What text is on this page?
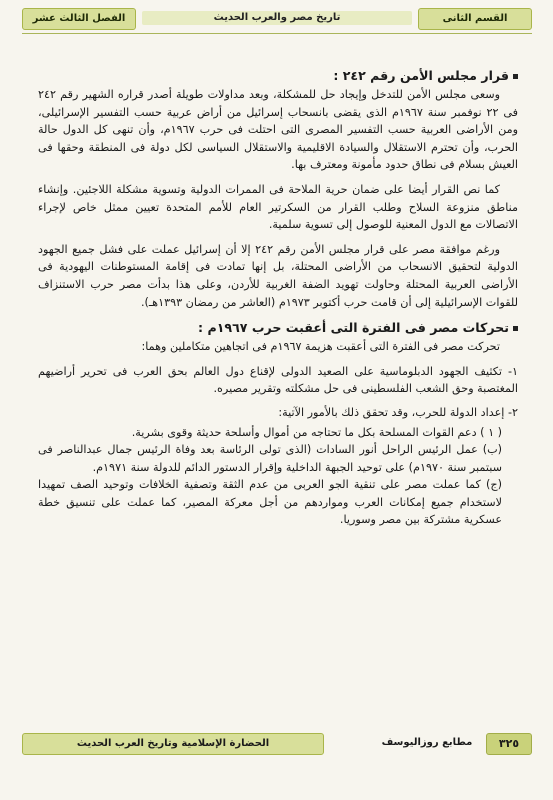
القسم الثانى
تاريخ مصر والعرب الحديث
الفصل الثالث عشر

قرار مجلس الأمن رقم ٢٤٢ :

وسعى مجلس الأمن للتدخل وإيجاد حل للمشكلة، وبعد مداولات طويلة أصدر قراره الشهير رقم ٢٤٢ فى ٢٢ نوفمبر سنة ١٩٦٧م الذى يقضى بانسحاب إسرائيل من أراض عربية حسب التفسير الإسرائيلى، ومن الأراضى العربية حسب التفسير المصرى التى احتلت فى حرب ١٩٦٧م، وأن تنهى كل الدول حالة الحرب، وأن تحترم الاستقلال والسيادة الاقليمية والاستقلال السياسى لكل دولة فى المنطقة وحقها فى العيش بسلام فى نطاق حدود مأمونة ومعترف بها.

كما نص القرار أيضا على ضمان حرية الملاحة فى الممرات الدولية وتسوية مشكلة اللاجئين. وإنشاء مناطق منزوعة السلاح وطلب القرار من السكرتير العام للأمم المتحدة تعيين ممثل خاص لإجراء الاتصالات مع الدول المعنية للوصول إلى تسوية سلمية.

ورغم موافقة مصر على قرار مجلس الأمن رقم ٢٤٢ إلا أن إسرائيل عملت على فشل جميع الجهود الدولية لتحقيق الانسحاب من الأراضى المحتلة، بل إنها تمادت فى إقامة المستوطنات اليهودية فى الأراضى العربية المحتلة وحاولت تهويد الضفة الغربية للأردن، وعلى هذا بدأت مصر حرب الاستنزاف للقوات الإسرائيلية إلى أن قامت حرب أكتوبر ١٩٧٣م (العاشر من رمضان ١٣٩٣هـ).

تحركات مصر فى الفترة التى أعقبت حرب ١٩٦٧م :

تحركت مصر فى الفترة التى أعقبت هزيمة ١٩٦٧م فى اتجاهين متكاملين وهما:

١- تكثيف الجهود الدبلوماسية على الصعيد الدولى لإقناع دول العالم بحق العرب فى تحرير أراضيهم المغتصبة وحق الشعب الفلسطينى فى حل مشكلته وتقرير مصيره.

٢- إعداد الدولة للحرب، وقد تحقق ذلك بالأمور الآتية:

( ١ ) دعم القوات المسلحة بكل ما تحتاجه من أموال وأسلحة حديثة وقوى بشرية.

(ب) عمل الرئيس الراحل أنور السادات (الذى تولى الرئاسة بعد وفاة الرئيس جمال عبدالناصر فى سبتمبر سنة ١٩٧٠م) على توحيد الجبهة الداخلية وإقرار الدستور الدائم للدولة سنة ١٩٧١م.

(ج) كما عملت مصر على تنقية الجو العربى من عدم الثقة وتصفية الخلافات وتوحيد الصف تمهيدا لاستخدام جميع إمكانات العرب ومواردهم من أجل معركة المصير، كما عملت على تنسيق خطة عسكرية مشتركة بين مصر وسوريا.

٣٢٥
مطابع روزاليوسف
الحضارة الإسلامية وتاريخ العرب الحديث
